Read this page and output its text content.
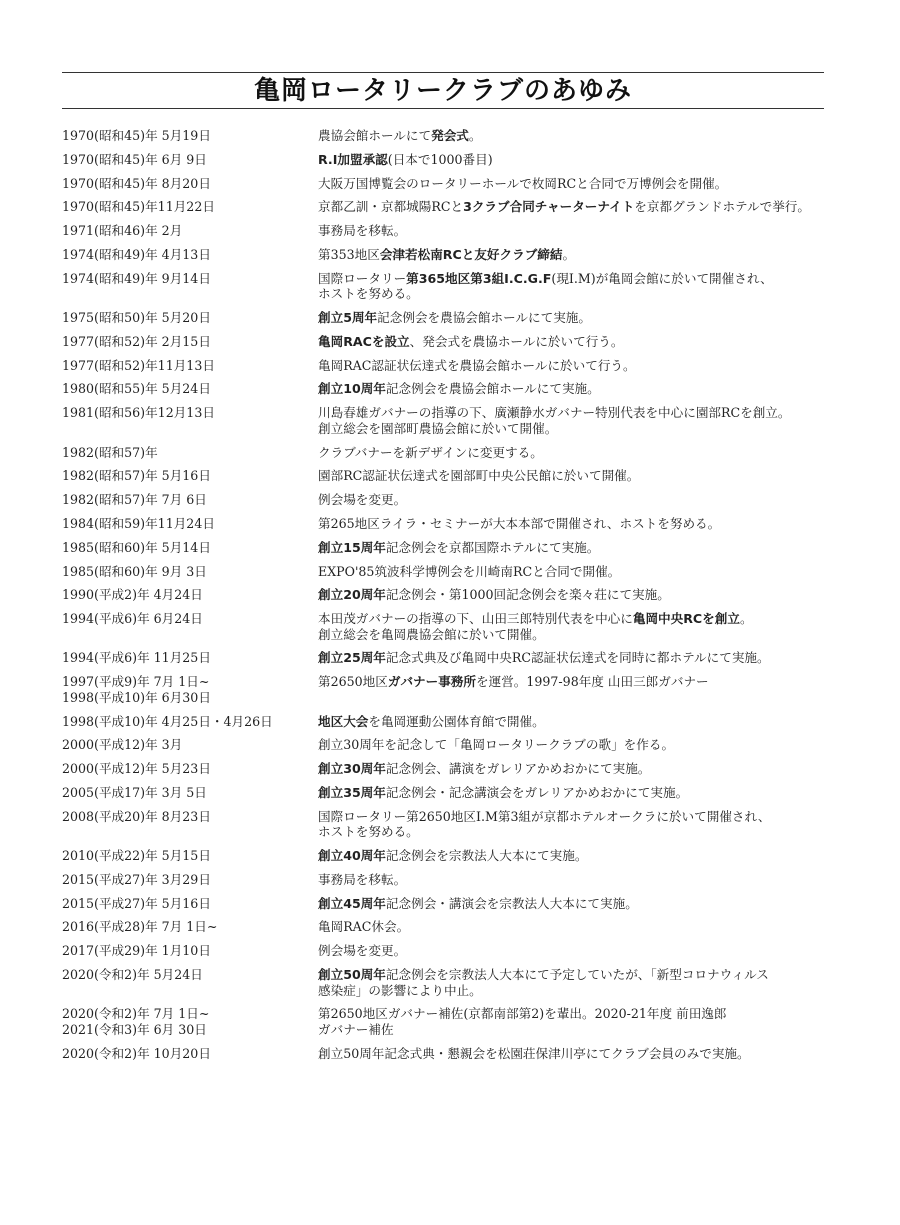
亀岡ロータリークラブのあゆみ
1970(昭和45)年 5月19日	農協会館ホールにて発会式。
1970(昭和45)年 6月 9日	R.I加盟承認(日本で1000番目)
1970(昭和45)年 8月20日	大阪万国博覧会のロータリーホールで枚岡RCと合同で万博例会を開催。
1970(昭和45)年11月22日	京都乙訓・京都城陽RCと3クラブ合同チャーターナイトを京都グランドホテルで挙行。
1971(昭和46)年 2月	事務局を移転。
1974(昭和49)年 4月13日	第353地区会津若松南RCと友好クラブ締結。
1974(昭和49)年 9月14日	国際ロータリー第365地区第3組I.C.G.F(現I.M)が亀岡会館に於いて開催され、
ホストを努める。
1975(昭和50)年 5月20日	創立5周年記念例会を農協会館ホールにて実施。
1977(昭和52)年 2月15日	亀岡RACを設立、発会式を農協ホールに於いて行う。
1977(昭和52)年11月13日	亀岡RAC認証状伝達式を農協会館ホールに於いて行う。
1980(昭和55)年 5月24日	創立10周年記念例会を農協会館ホールにて実施。
1981(昭和56)年12月13日	川島春雄ガバナーの指導の下、廣瀬静水ガバナー特別代表を中心に園部RCを創立。
創立総会を園部町農協会館に於いて開催。
1982(昭和57)年	クラブバナーを新デザインに変更する。
1982(昭和57)年 5月16日	園部RC認証状伝達式を園部町中央公民館に於いて開催。
1982(昭和57)年 7月 6日	例会場を変更。
1984(昭和59)年11月24日	第265地区ライラ・セミナーが大本本部で開催され、ホストを努める。
1985(昭和60)年 5月14日	創立15周年記念例会を京都国際ホテルにて実施。
1985(昭和60)年 9月 3日	EXPO'85筑波科学博例会を川崎南RCと合同で開催。
1990(平成2)年 4月24日	創立20周年記念例会・第1000回記念例会を楽々荘にて実施。
1994(平成6)年 6月24日	本田茂ガバナーの指導の下、山田三郎特別代表を中心に亀岡中央RCを創立。
創立総会を亀岡農協会館に於いて開催。
1994(平成6)年 11月25日	創立25周年記念式典及び亀岡中央RC認証状伝達式を同時に都ホテルにて実施。
1997(平成9)年 7月 1日~
1998(平成10)年 6月30日
第2650地区ガバナー事務所を運営。1997-98年度 山田三郎ガバナー
1998(平成10)年 4月25日・4月26日	地区大会を亀岡運動公園体育館で開催。
2000(平成12)年 3月	創立30周年を記念して「亀岡ロータリークラブの歌」を作る。
2000(平成12)年 5月23日	創立30周年記念例会、講演をガレリアかめおかにて実施。
2005(平成17)年 3月 5日	創立35周年記念例会・記念講演会をガレリアかめおかにて実施。
2008(平成20)年 8月23日	国際ロータリー第2650地区I.M第3組が京都ホテルオークラに於いて開催され、
ホストを努める。
2010(平成22)年 5月15日	創立40周年記念例会を宗教法人大本にて実施。
2015(平成27)年 3月29日	事務局を移転。
2015(平成27)年 5月16日	創立45周年記念例会・講演会を宗教法人大本にて実施。
2016(平成28)年 7月 1日~	亀岡RAC休会。
2017(平成29)年 1月10日	例会場を変更。
2020(令和2)年 5月24日	創立50周年記念例会を宗教法人大本にて予定していたが、「新型コロナウィルス
感染症」の影響により中止。
2020(令和2)年 7月 1日~
2021(令和3)年 6月 30日
第2650地区ガバナー補佐(京都南部第2)を輩出。2020-21年度 前田逸郎
ガバナー補佐
2020(令和2)年 10月20日	創立50周年記念式典・懇親会を松園荘保津川亭にてクラブ会員のみで実施。
